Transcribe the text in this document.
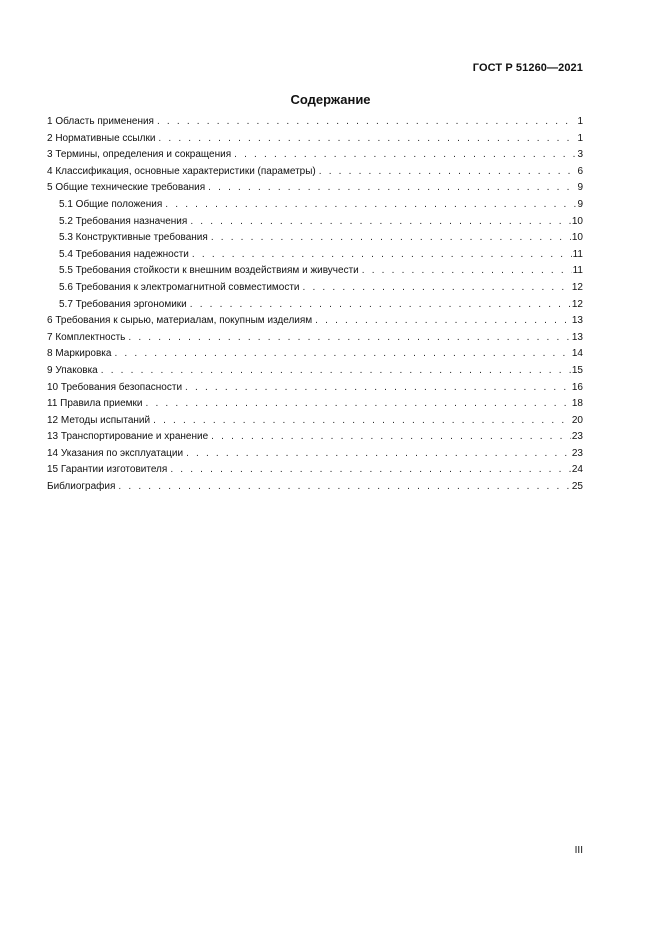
ГОСТ Р 51260—2021
Содержание
1 Область применения . . .	1
2 Нормативные ссылки . . .	1
3 Термины, определения и сокращения . . .	3
4 Классификация, основные характеристики (параметры) . . .	6
5 Общие технические требования . . .	9
5.1 Общие положения . . .	9
5.2 Требования назначения . . .	10
5.3 Конструктивные требования . . .	10
5.4 Требования надежности . . .	11
5.5 Требования стойкости к внешним воздействиям и живучести . . .	11
5.6 Требования к электромагнитной совместимости . . .	12
5.7 Требования эргономики . . .	12
6 Требования к сырью, материалам, покупным изделиям . . .	13
7 Комплектность . . .	13
8 Маркировка . . .	14
9 Упаковка . . .	15
10 Требования безопасности . . .	16
11 Правила приемки . . .	18
12 Методы испытаний . . .	20
13 Транспортирование и хранение . . .	23
14 Указания по эксплуатации . . .	23
15 Гарантии изготовителя . . .	24
Библиография . . .	25
III
